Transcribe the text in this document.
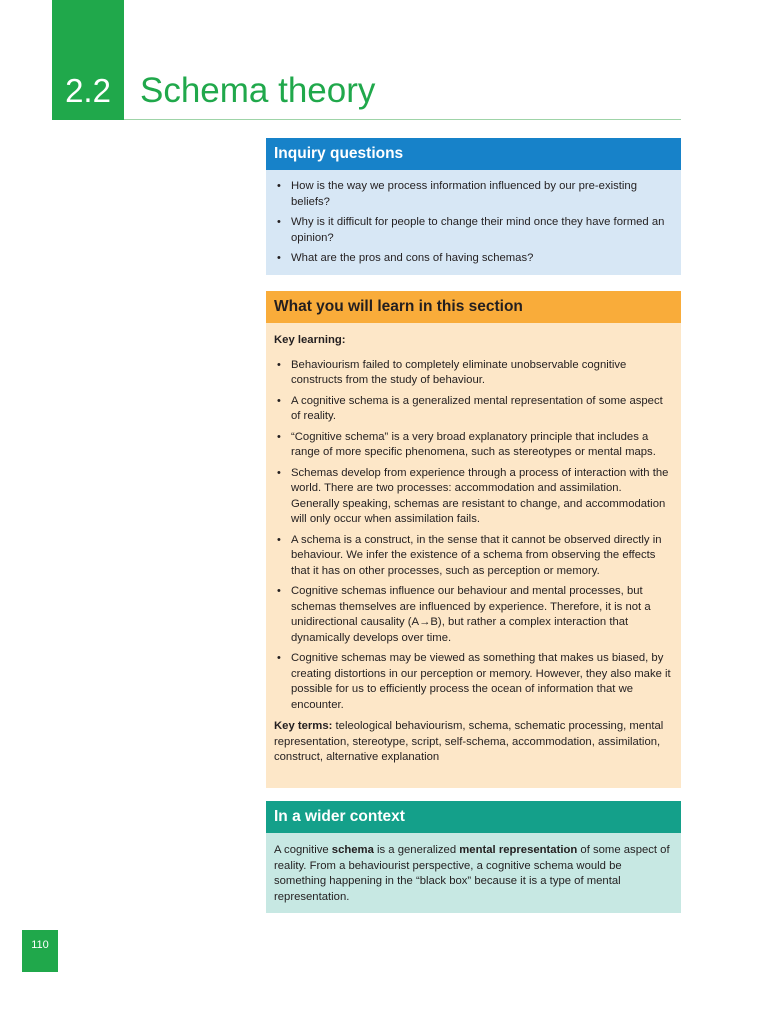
2.2 Schema theory
Inquiry questions
• How is the way we process information influenced by our pre-existing beliefs?
• Why is it difficult for people to change their mind once they have formed an opinion?
• What are the pros and cons of having schemas?
What you will learn in this section
Key learning:
• Behaviourism failed to completely eliminate unobservable cognitive constructs from the study of behaviour.
• A cognitive schema is a generalized mental representation of some aspect of reality.
• “Cognitive schema” is a very broad explanatory principle that includes a range of more specific phenomena, such as stereotypes or mental maps.
• Schemas develop from experience through a process of interaction with the world. There are two processes: accommodation and assimilation. Generally speaking, schemas are resistant to change, and accommodation will only occur when assimilation fails.
• A schema is a construct, in the sense that it cannot be observed directly in behaviour. We infer the existence of a schema from observing the effects that it has on other processes, such as perception or memory.
• Cognitive schemas influence our behaviour and mental processes, but schemas themselves are influenced by experience. Therefore, it is not a unidirectional causality (A→B), but rather a complex interaction that dynamically develops over time.
• Cognitive schemas may be viewed as something that makes us biased, by creating distortions in our perception or memory. However, they also make it possible for us to efficiently process the ocean of information that we encounter.
Key terms: teleological behaviourism, schema, schematic processing, mental representation, stereotype, script, self-schema, accommodation, assimilation, construct, alternative explanation
In a wider context
A cognitive schema is a generalized mental representation of some aspect of reality. From a behaviourist perspective, a cognitive schema would be something happening in the “black box” because it is a type of mental representation.
110
